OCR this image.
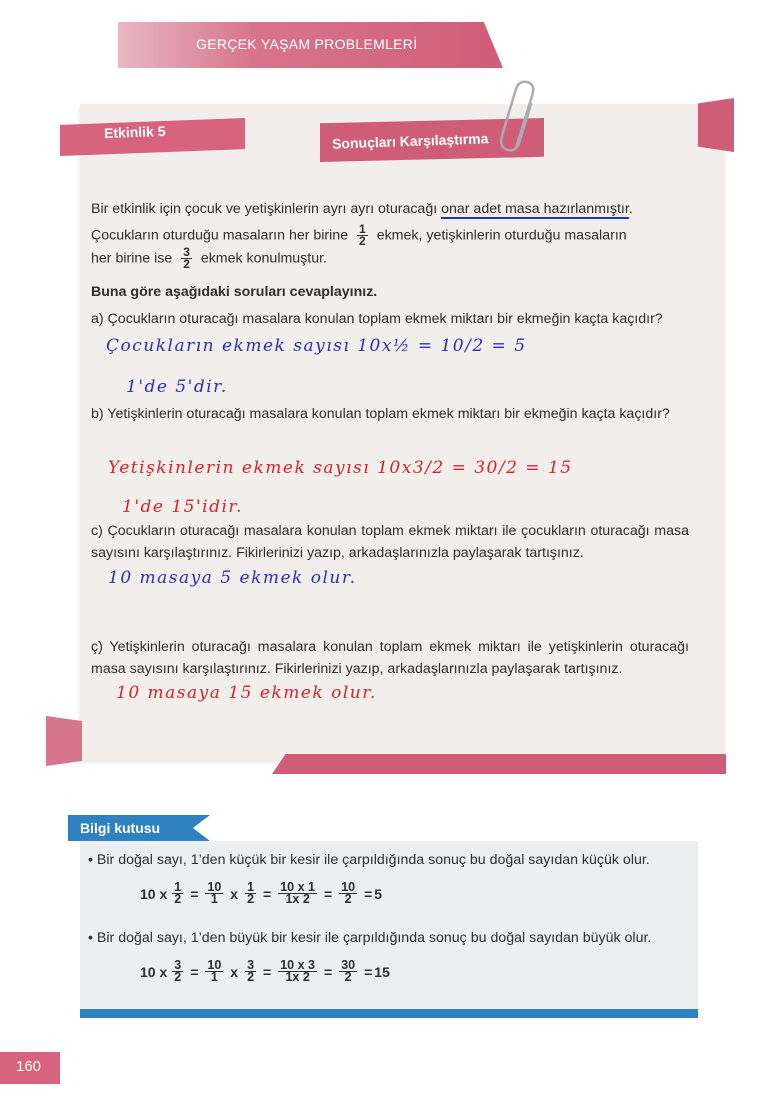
GERÇEK YAŞAM PROBLEMLERİ
Etkinlik 5	Sonuçları Karşılaştırma
Bir etkinlik için çocuk ve yetişkinlerin ayrı ayrı oturacağı onar adet masa hazırlanmıştır.
Çocukların oturduğu masaların her birine $\frac{1}{2}$ ekmek, yetişkinlerin oturduğu masaların
her birine ise $\frac{3}{2}$ ekmek konulmuştur.
Buna göre aşağıdaki soruları cevaplayınız.
a) Çocukların oturacağı masalara konulan toplam ekmek miktarı bir ekmeğin kaçta kaçıdır?
Çocukların ekmek sayısı 10x½ = 10/2 = 5
1'de 5'dir.
b) Yetişkinlerin oturacağı masalara konulan toplam ekmek miktarı bir ekmeğin kaçta kaçıdır?
Yetişkinlerin ekmek sayısı 10x3/2 = 30/2 = 15
1'de 15'idir.
c) Çocukların oturacağı masalara konulan toplam ekmek miktarı ile çocukların oturacağı masa sayısını karşılaştırınız. Fikirlerinizi yazıp, arkadaşlarınızla paylaşarak tartışınız.
10 masaya 5 ekmek olur.
ç) Yetişkinlerin oturacağı masalara konulan toplam ekmek miktarı ile yetişkinlerin oturacağı masa sayısını karşılaştırınız. Fikirlerinizi yazıp, arkadaşlarınızla paylaşarak tartışınız.
10 masaya 15 ekmek olur.
Bilgi kutusu
• Bir doğal sayı, 1’den küçük bir kesir ile çarpıldığında sonuç bu doğal sayıdan küçük olur.
10 x $\frac{1}{2} = \frac{10}{1}$ x $\frac{1}{2} = \frac{10 x 1}{1x 2} = \frac{10}{2} = 5$
• Bir doğal sayı, 1’den büyük bir kesir ile çarpıldığında sonuç bu doğal sayıdan büyük olur.
10 x $\frac{3}{2} = \frac{10}{1}$ x $\frac{3}{2} = \frac{10 x 3}{1x 2} = \frac{30}{2} = 15$
160
